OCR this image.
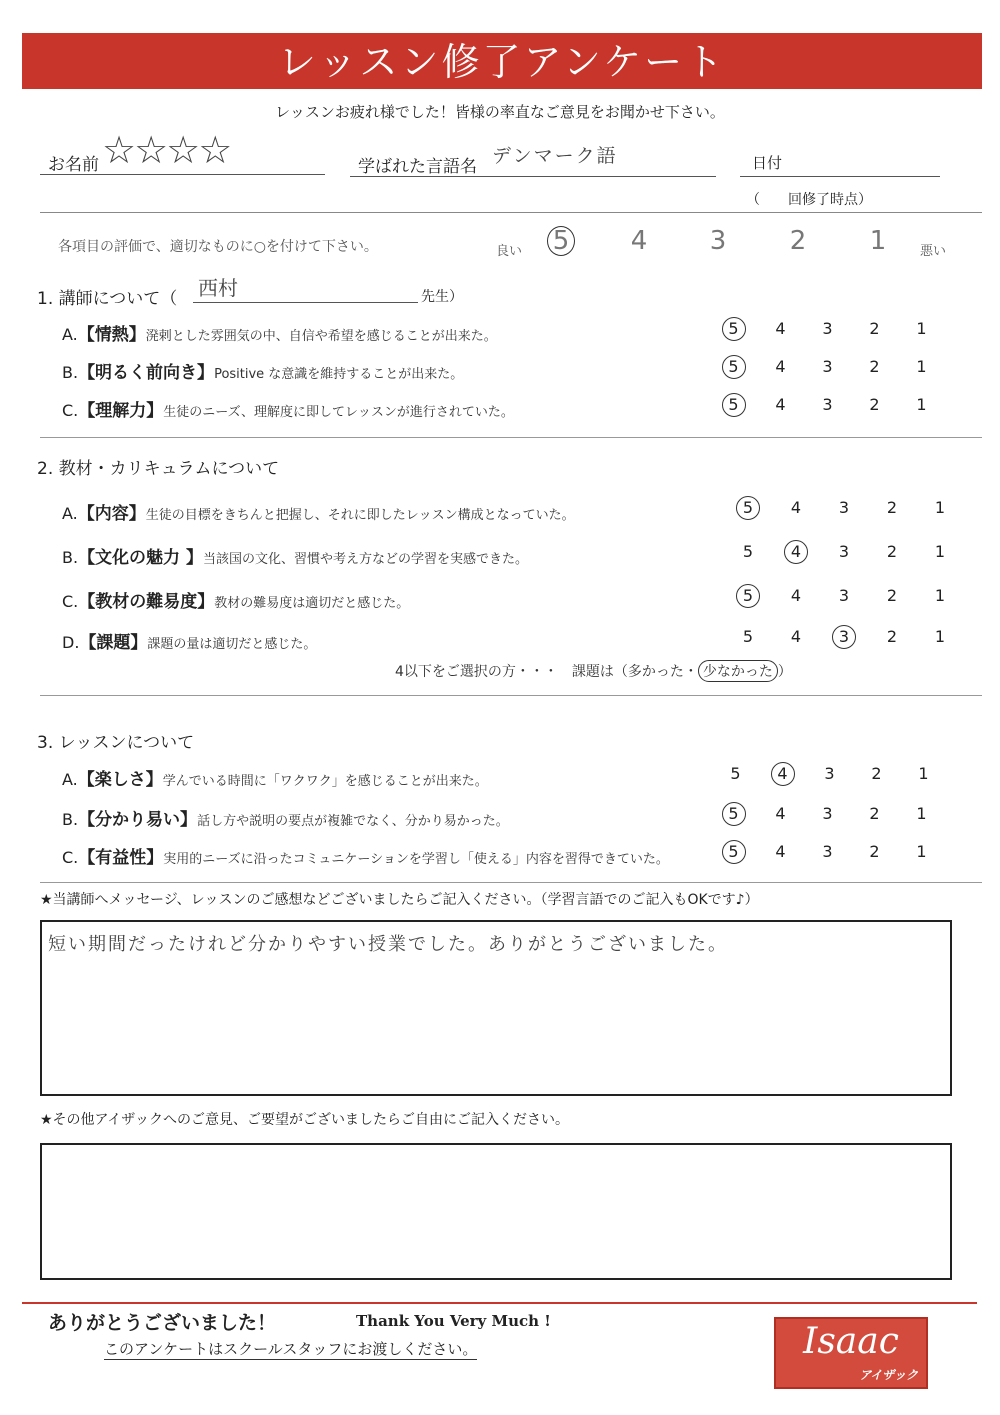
レッスン修了アンケート
レッスンお疲れ様でした！皆様の率直なご意見をお聞かせ下さい。
お名前 ☆☆☆☆	学ばれた言語名 デンマーク語	日付
（　　回修了時点）
各項目の評価で、適切なものに○を付けて下さい。	良い	5	4	3	2	1	悪い
1. 講師について（ 西村	先生）
A.【情熱】溌剌とした雰囲気の中、自信や希望を感じることが出来た。	5	4	3	2	1
B.【明るく前向き】Positive な意識を維持することが出来た。	5	4	3	2	1
C.【理解力】生徒のニーズ、理解度に即してレッスンが進行されていた。	5	4	3	2	1
2. 教材・カリキュラムについて
A.【内容】生徒の目標をきちんと把握し、それに即したレッスン構成となっていた。	5	4	3	2	1
B.【文化の魅力 】当該国の文化、習慣や考え方などの学習を実感できた。	5	4	3	2	1
C.【教材の難易度】教材の難易度は適切だと感じた。	5	4	3	2	1
D.【課題】課題の量は適切だと感じた。	5	4	3	2	1
4以下をご選択の方・・・　 課題は（多かった・ 少なかった ）
3. レッスンについて
A.【楽しさ】学んでいる時間に「ワクワク」を感じることが出来た。	5	4	3	2	1
B.【分かり易い】話し方や説明の要点が複雑でなく、分かり易かった。	5	4	3	2	1
C.【有益性】実用的ニーズに沿ったコミュニケーションを学習し「使える」内容を習得できていた。	5	4	3	2	1
★当講師へメッセージ、レッスンのご感想などございましたらご記入ください。（学習言語でのご記入もOKです♪）
短い期間だったけれど分かりやすい授業でした。ありがとうございました。
★その他アイザックへのご意見、ご要望がございましたらご自由にご記入ください。
ありがとうございました！	Thank You Very Much !
このアンケートはスクールスタッフにお渡しください。	Isaac
アイザック
